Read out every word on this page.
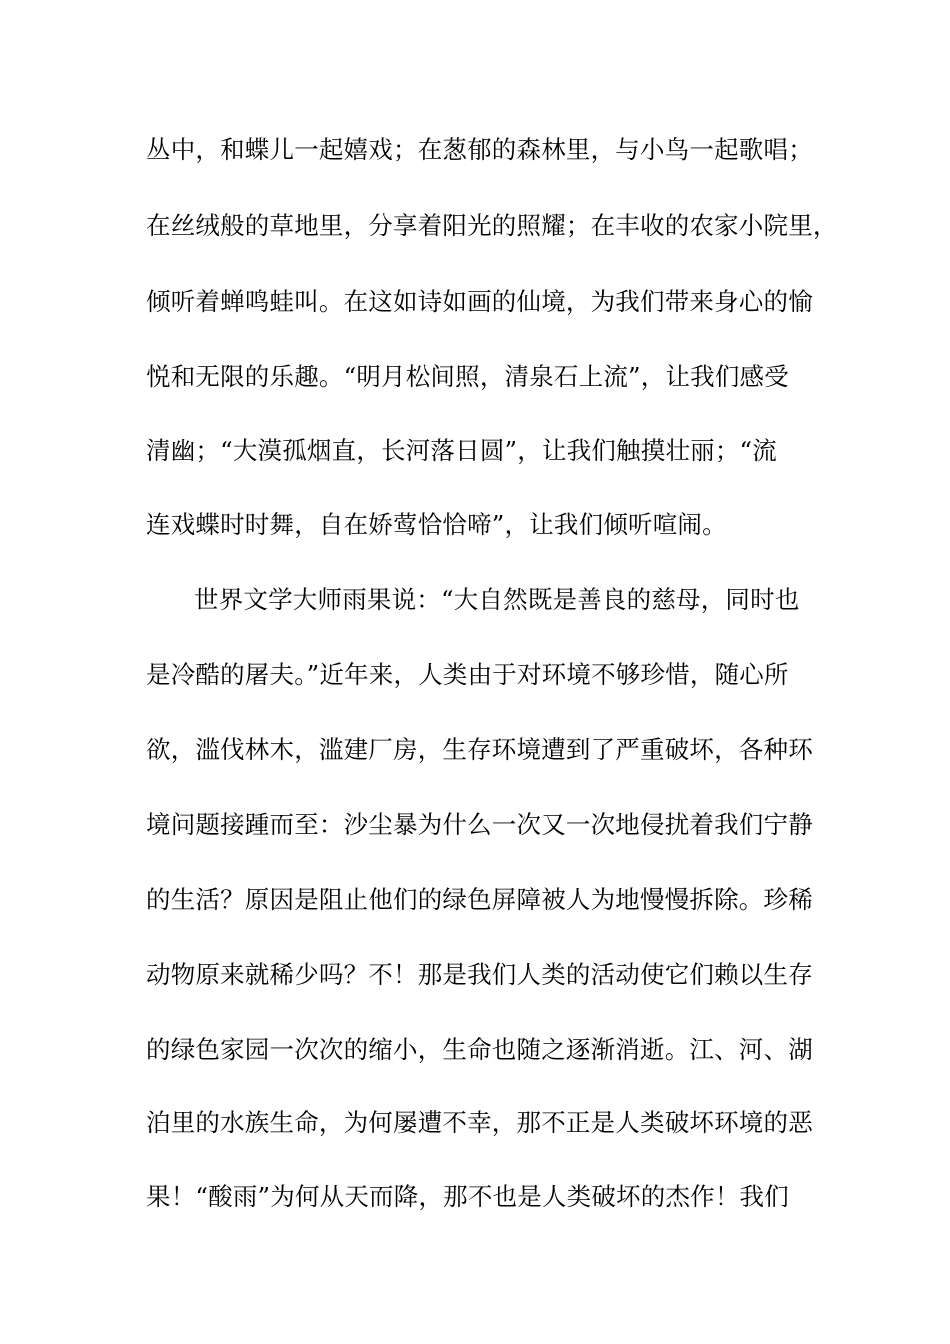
丛中，和蝶儿一起嬉戏；在葱郁的森林里，与小鸟一起歌唱；
在丝绒般的草地里，分享着阳光的照耀；在丰收的农家小院里，
倾听着蝉鸣蛙叫。在这如诗如画的仙境，为我们带来身心的愉
悦和无限的乐趣。“明月松间照，清泉石上流”，让我们感受
清幽；“大漠孤烟直，长河落日圆”，让我们触摸壮丽；“流
连戏蝶时时舞，自在娇莺恰恰啼”，让我们倾听喧闹。
世界文学大师雨果说：“大自然既是善良的慈母，同时也
是冷酷的屠夫。”近年来，人类由于对环境不够珍惜，随心所
欲，滥伐林木，滥建厂房，生存环境遭到了严重破坏，各种环
境问题接踵而至：沙尘暴为什么一次又一次地侵扰着我们宁静
的生活？原因是阻止他们的绿色屏障被人为地慢慢拆除。珍稀
动物原来就稀少吗？不！那是我们人类的活动使它们赖以生存
的绿色家园一次次的缩小，生命也随之逐渐消逝。江、河、湖
泊里的水族生命，为何屡遭不幸，那不正是人类破坏环境的恶
果！“酸雨”为何从天而降，那不也是人类破坏的杰作！我们
